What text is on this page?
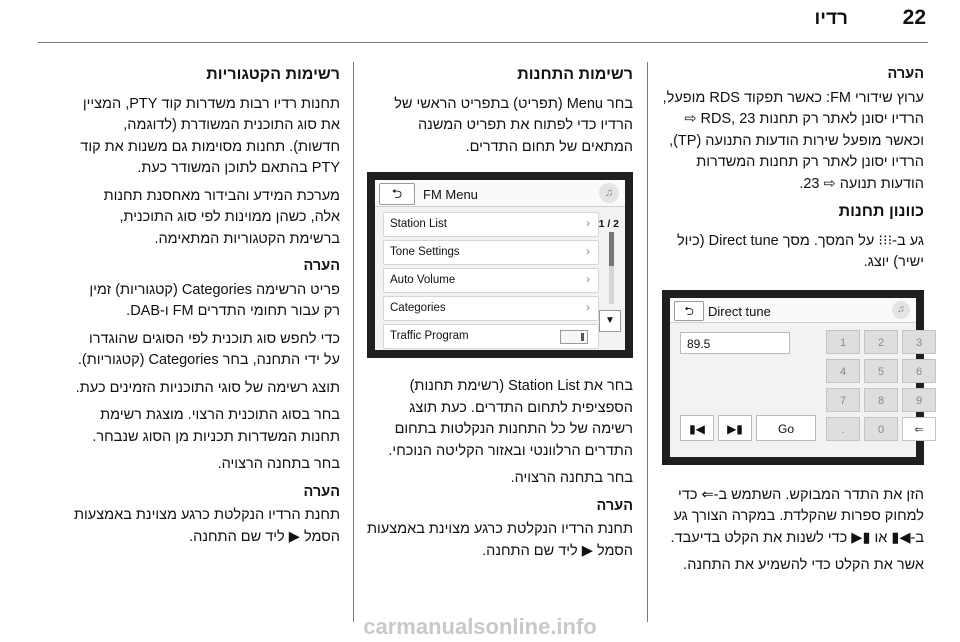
22
רדיו

הערה

ערוץ שידורי FM: כאשר תפקוד RDS מופעל, הרדיו יסונן לאתר רק תחנות RDS, 23 ⇨ וכאשר מופעל שירות הודעות התנועה (TP), הרדיו יסונן לאתר רק תחנות המשדרות הודעות תנועה ⇨ 23.

כוונון תחנות

גע ב-⁝⁝⁝ על המסך. מסך Direct tune (כיול ישיר) יוצג.

⮌	Direct tune	♫
89.5	1	2	3
4	5	6
7	8	9
.	0	⇐
▮◀	▶▮	Go

הזן את התדר המבוקש. השתמש ב-⇐ כדי למחוק ספרות שהקלדת. במקרה הצורך גע ב-◀▮ או ▮▶ כדי לשנות את הקלט בדיעבד.

אשר את הקלט כדי להשמיע את התחנה.

רשימות התחנות

בחר Menu (תפריט) בתפריט הראשי של הרדיו כדי לפתוח את תפריט המשנה המתאים של תחום התדרים.

⮌	FM Menu	♫
Station List	›
Tone Settings	›
Auto Volume	›
Categories	›
Traffic Program
1 / 2
▼

בחר את Station List (רשימת תחנות) הספציפית לתחום התדרים. כעת תוצג רשימה של כל התחנות הנקלטות בתחום התדרים הרלוונטי ובאזור הקליטה הנוכחי.

בחר בתחנה הרצויה.

הערה

תחנת הרדיו הנקלטת כרגע מצוינת באמצעות הסמל ▶ ליד שם התחנה.

רשימות הקטגוריות

תחנות רדיו רבות משדרות קוד PTY, המציין את סוג התוכנית המשודרת (לדוגמה, חדשות). תחנות מסוימות גם משנות את קוד PTY בהתאם לתוכן המשודר כעת.

מערכת המידע והבידור מאחסנת תחנות אלה, כשהן ממוינות לפי סוג התוכנית, ברשימת הקטגוריות המתאימה.

הערה

פריט הרשימה Categories (קטגוריות) זמין רק עבור תחומי התדרים FM ו-DAB.

כדי לחפש סוג תוכנית לפי הסוגים שהוגדרו על ידי התחנה, בחר Categories (קטגוריות).

תוצג רשימה של סוגי התוכניות הזמינים כעת.

בחר בסוג התוכנית הרצוי. מוצגת רשימת תחנות המשדרות תכניות מן הסוג שנבחר.

בחר בתחנה הרצויה.

הערה

תחנת הרדיו הנקלטת כרגע מצוינת באמצעות הסמל ▶ ליד שם התחנה.

carmanualsonline.info
